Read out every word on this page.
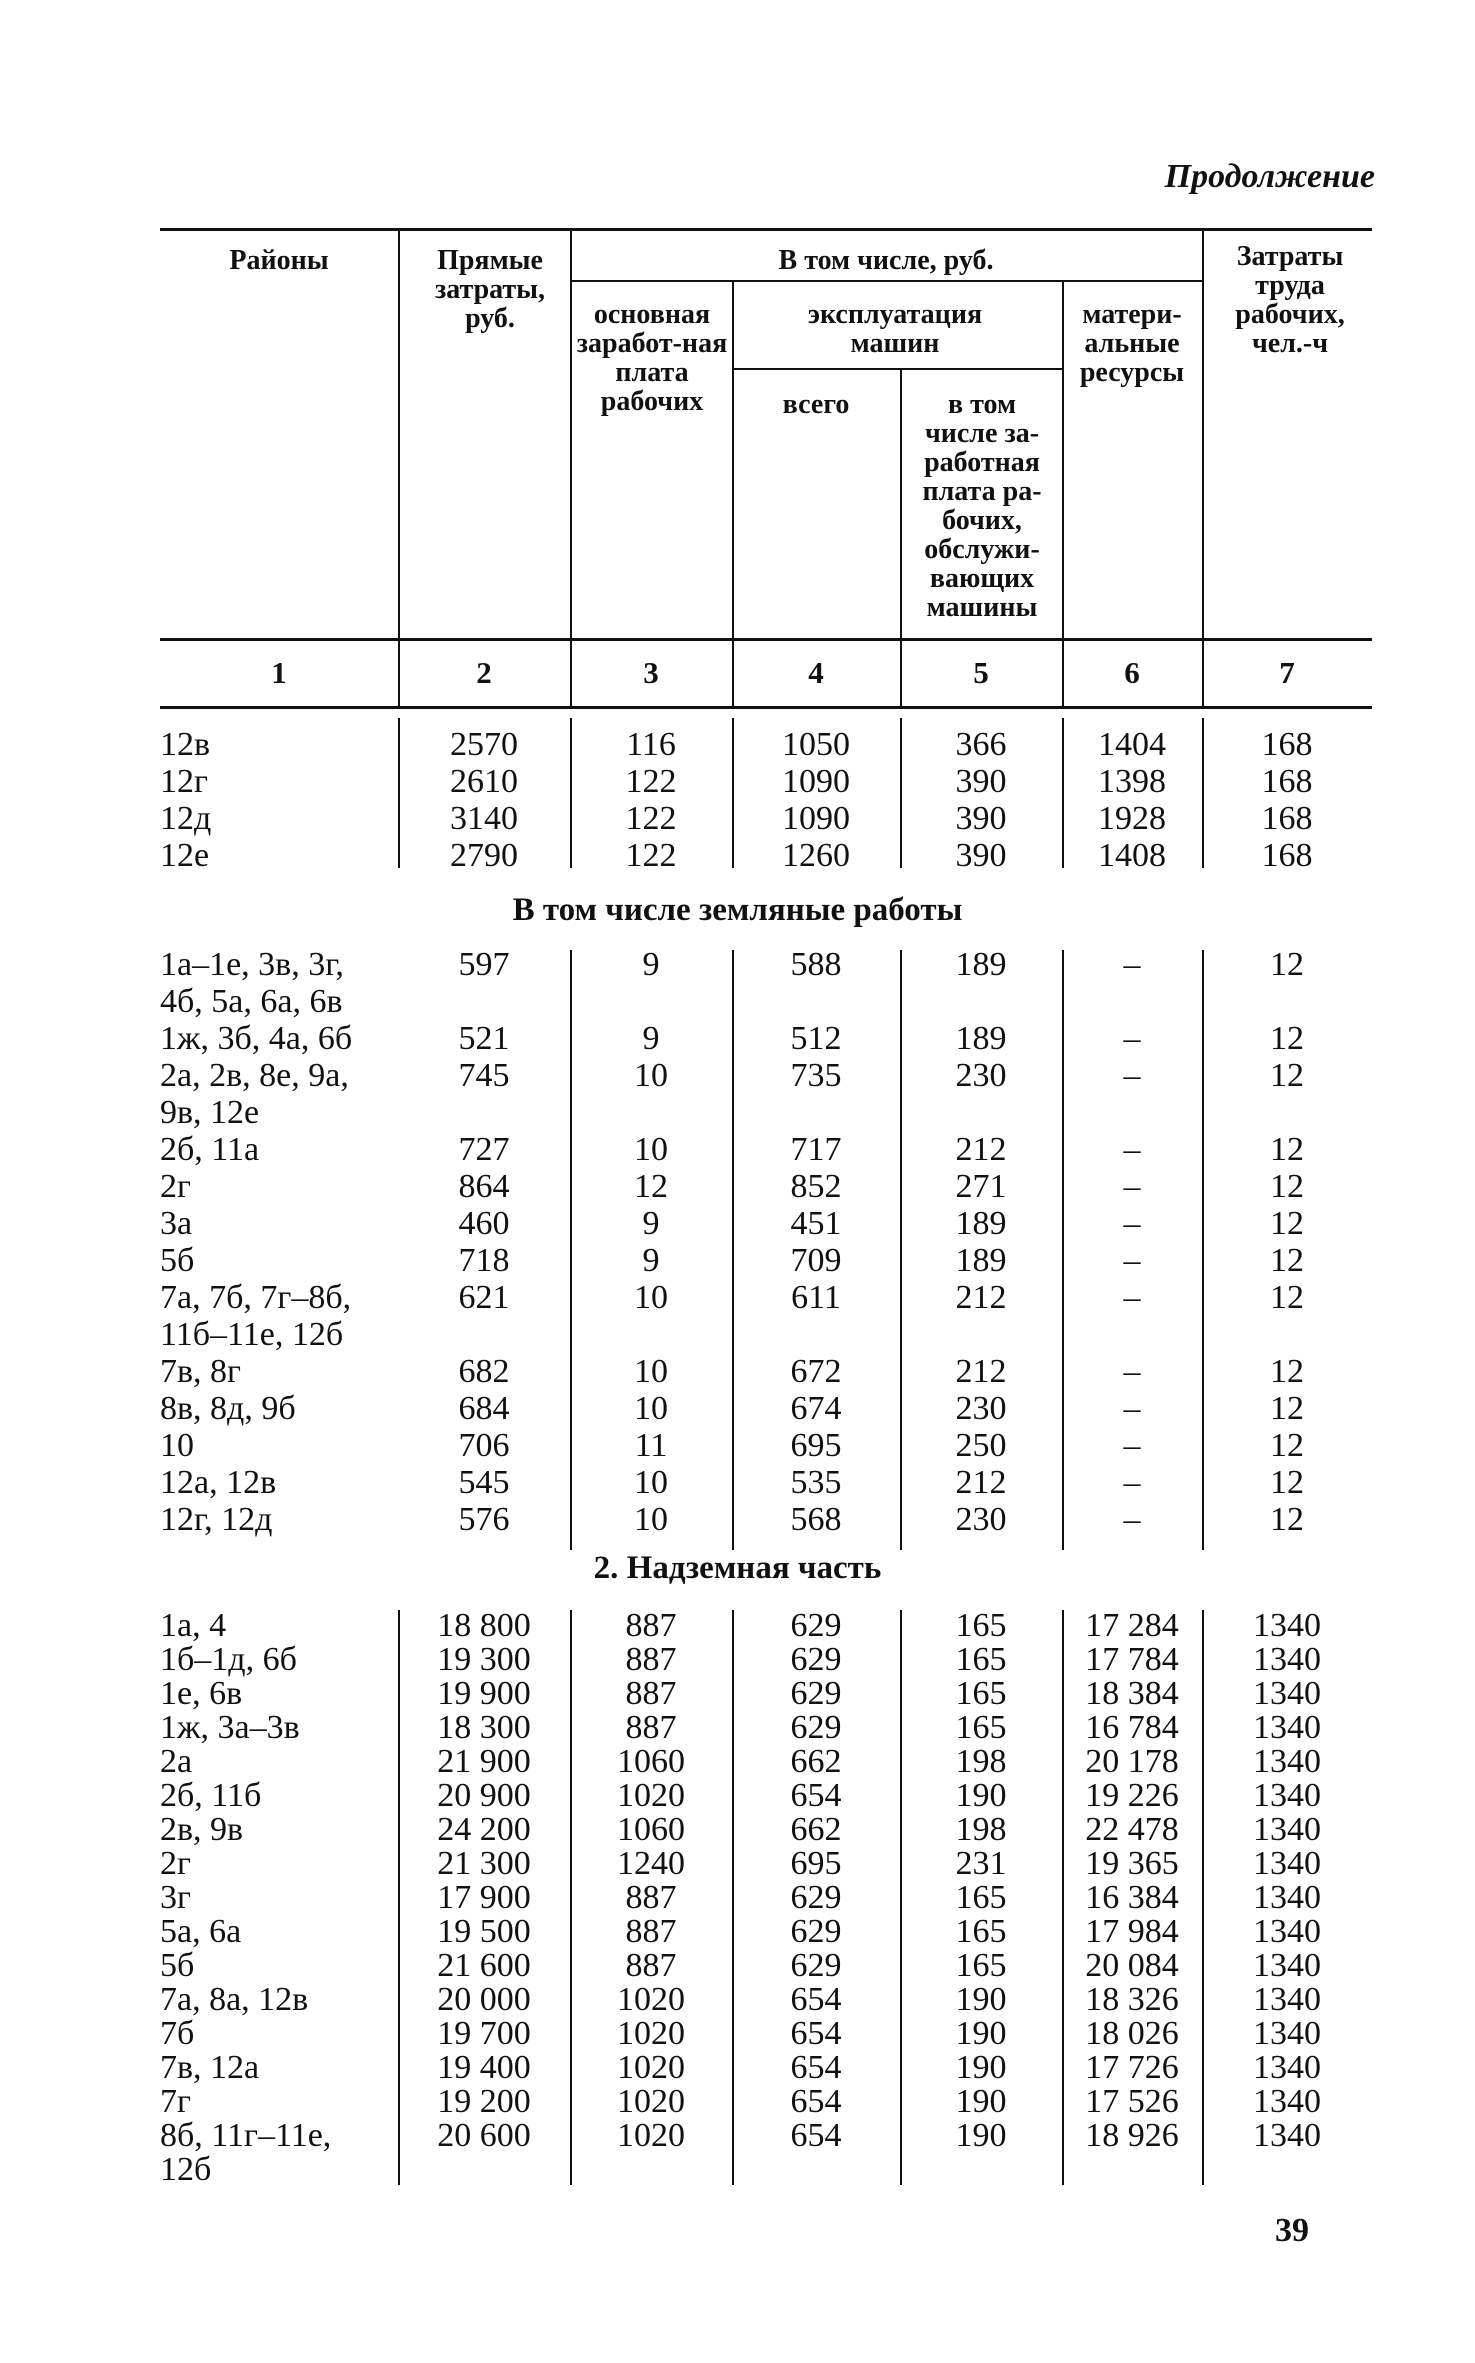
Продолжение
Районы	Прямые затраты, руб.
В том числе, руб.
основная заработ-ная плата рабочих
эксплуатация машин
всего	в том числе за-работная плата ра-бочих, обслужи-вающих машины
матери-альные ресурсы
Затраты труда рабочих, чел.-ч
1	2	3	4	5	6	7
12в	2570	116	1050	366	1404	168
12г	2610	122	1090	390	1398	168
12д	3140	122	1090	390	1928	168
12е	2790	122	1260	390	1408	168
В том числе земляные работы
1а–1е, 3в, 3г,	597	9	588	189	–	12
4б, 5а, 6а, 6в
1ж, 3б, 4а, 6б	521	9	512	189	–	12
2а, 2в, 8е, 9а,	745	10	735	230	–	12
9в, 12е
2б, 11а	727	10	717	212	–	12
2г	864	12	852	271	–	12
3а	460	9	451	189	–	12
5б	718	9	709	189	–	12
7а, 7б, 7г–8б,	621	10	611	212	–	12
11б–11е, 12б
7в, 8г	682	10	672	212	–	12
8в, 8д, 9б	684	10	674	230	–	12
10	706	11	695	250	–	12
12а, 12в	545	10	535	212	–	12
12г, 12д	576	10	568	230	–	12
2. Надземная часть
1а, 4	18 800	887	629	165	17 284	1340
1б–1д, 6б	19 300	887	629	165	17 784	1340
1е, 6в	19 900	887	629	165	18 384	1340
1ж, 3а–3в	18 300	887	629	165	16 784	1340
2а	21 900	1060	662	198	20 178	1340
2б, 11б	20 900	1020	654	190	19 226	1340
2в, 9в	24 200	1060	662	198	22 478	1340
2г	21 300	1240	695	231	19 365	1340
3г	17 900	887	629	165	16 384	1340
5а, 6а	19 500	887	629	165	17 984	1340
5б	21 600	887	629	165	20 084	1340
7а, 8а, 12в	20 000	1020	654	190	18 326	1340
7б	19 700	1020	654	190	18 026	1340
7в, 12а	19 400	1020	654	190	17 726	1340
7г	19 200	1020	654	190	17 526	1340
8б, 11г–11е,	20 600	1020	654	190	18 926	1340
12б
39
